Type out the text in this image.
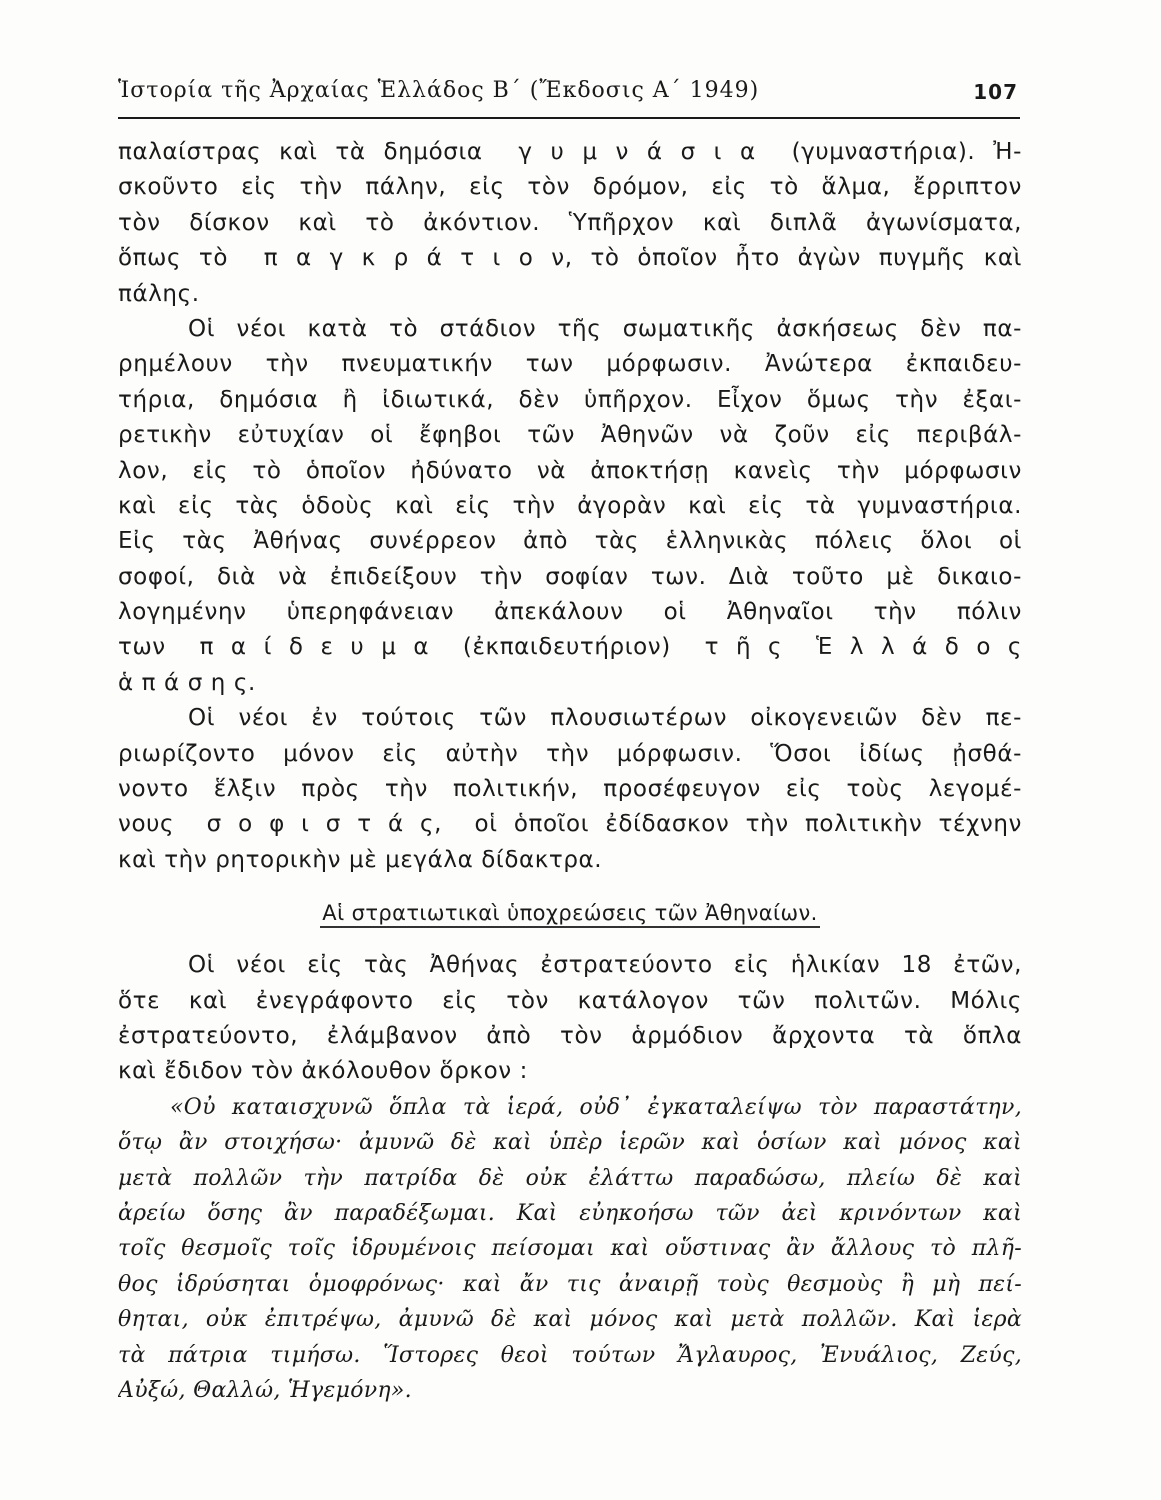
Ἱστορία τῆς Ἀρχαίας Ἑλλάδος Β΄ (Ἔκδοσις Α΄ 1949)	107
παλαίστρας καὶ τὰ δημόσια  γ υ μ ν ά σ ι α  (γυμναστήρια). Ἠ-
σκοῦντο εἰς τὴν πάλην, εἰς τὸν δρόμον, εἰς τὸ ἅλμα, ἔρριπτον
τὸν δίσκον καὶ τὸ ἀκόντιον. Ὑπῆρχον καὶ διπλᾶ ἀγωνίσματα,
ὅπως τὸ  π α γ κ ρ ά τ ι ο ν, τὸ ὁποῖον ἦτο ἀγὼν πυγμῆς καὶ
πάλης.
Οἱ νέοι κατὰ τὸ στάδιον τῆς σωματικῆς ἀσκήσεως δὲν πα-
ρημέλουν τὴν πνευματικήν των μόρφωσιν. Ἀνώτερα ἐκπαιδευ-
τήρια, δημόσια ἢ ἰδιωτικά, δὲν ὑπῆρχον. Εἶχον ὅμως τὴν ἐξαι-
ρετικὴν εὐτυχίαν οἱ ἔφηβοι τῶν Ἀθηνῶν νὰ ζοῦν εἰς περιβάλ-
λον, εἰς τὸ ὁποῖον ἠδύνατο νὰ ἀποκτήσῃ κανεὶς τὴν μόρφωσιν
καὶ εἰς τὰς ὁδοὺς καὶ εἰς τὴν ἀγορὰν καὶ εἰς τὰ γυμναστήρια.
Εἰς τὰς Ἀθήνας συνέρρεον ἀπὸ τὰς ἑλληνικὰς πόλεις ὅλοι οἱ
σοφοί, διὰ νὰ ἐπιδείξουν τὴν σοφίαν των. Διὰ τοῦτο μὲ δικαιο-
λογημένην ὑπερηφάνειαν ἀπεκάλουν οἱ Ἀθηναῖοι τὴν πόλιν
των  π α ί δ ε υ μ α  (ἐκπαιδευτήριον)  τ ῆ ς  Ἑ λ λ ά δ ο ς
ἁ π ά σ η ς.
Οἱ νέοι ἐν τούτοις τῶν πλουσιωτέρων οἰκογενειῶν δὲν πε-
ριωρίζοντο μόνον εἰς αὐτὴν τὴν μόρφωσιν. Ὅσοι ἰδίως ᾐσθά-
νοντο ἕλξιν πρὸς τὴν πολιτικήν, προσέφευγον εἰς τοὺς λεγομέ-
νους  σ ο φ ι σ τ ά ς,  οἱ ὁποῖοι ἐδίδασκον τὴν πολιτικὴν τέχνην
καὶ τὴν ρητορικὴν μὲ μεγάλα δίδακτρα.
Αἱ στρατιωτικαὶ ὑποχρεώσεις τῶν Ἀθηναίων.
Οἱ νέοι εἰς τὰς Ἀθήνας ἐστρατεύοντο εἰς ἡλικίαν 18 ἐτῶν,
ὅτε καὶ ἐνεγράφοντο εἰς τὸν κατάλογον τῶν πολιτῶν. Μόλις
ἐστρατεύοντο, ἐλάμβανον ἀπὸ τὸν ἁρμόδιον ἄρχοντα τὰ ὅπλα
καὶ ἔδιδον τὸν ἀκόλουθον ὅρκον :
«Οὐ καταισχυνῶ ὅπλα τὰ ἱερά, οὐδ᾽ ἐγκαταλείψω τὸν παραστάτην,
ὅτῳ ἂν στοιχήσω· ἀμυνῶ δὲ καὶ ὑπὲρ ἱερῶν καὶ ὁσίων καὶ μόνος καὶ
μετὰ πολλῶν τὴν πατρίδα δὲ οὐκ ἐλάττω παραδώσω, πλείω δὲ καὶ
ἀρείω ὅσης ἂν παραδέξωμαι. Καὶ εὐηκοήσω τῶν ἀεὶ κρινόντων καὶ
τοῖς θεσμοῖς τοῖς ἱδρυμένοις πείσομαι καὶ οὕστινας ἂν ἄλλους τὸ πλῆ-
θος ἱδρύσηται ὁμοφρόνως· καὶ ἄν τις ἀναιρῇ τοὺς θεσμοὺς ἢ μὴ πεί-
θηται, οὐκ ἐπιτρέψω, ἀμυνῶ δὲ καὶ μόνος καὶ μετὰ πολλῶν. Καὶ ἱερὰ
τὰ πάτρια τιμήσω. Ἵστορες θεοὶ τούτων Ἄγλαυρος, Ἐνυάλιος, Ζεύς,
Αὐξώ, Θαλλώ, Ἡγεμόνη».
